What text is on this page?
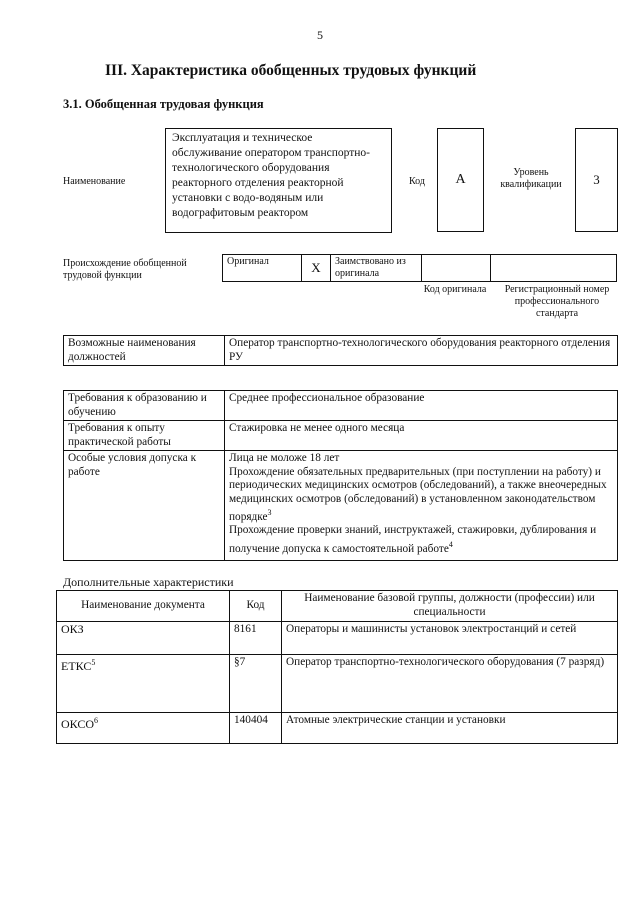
5
III. Характеристика обобщенных трудовых функций
3.1. Обобщенная трудовая функция
Наименование
Эксплуатация и техническое обслуживание оператором транспортно-технологического оборудования реакторного отделения реакторной установки с водо-водяным или водографитовым реактором
Код	А	Уровень квалификации	3
Происхождение обобщенной трудовой функции
Оригинал	X	Заимствовано из оригинала		
Код оригинала	Регистрационный номер профессионального стандарта
Возможные наименования должностей	Оператор транспортно-технологического оборудования реакторного отделения РУ
Требования к образованию и обучению	Среднее профессиональное образование
Требования к опыту практической работы	Стажировка не менее одного месяца
Особые условия допуска к работе	Лица не моложе 18 лет
Прохождение обязательных предварительных (при поступлении на работу) и периодических медицинских осмотров (обследований), а также внеочередных медицинских осмотров (обследований) в установленном законодательством порядке$^3$
Прохождение проверки знаний, инструктажей, стажировки, дублирования и получение допуска к самостоятельной работе$^4$
Дополнительные характеристики
Наименование документа	Код	Наименование базовой группы, должности (профессии) или специальности
ОКЗ	8161	Операторы и машинисты установок электростанций и сетей
ЕТКС$^5$	§7	Оператор транспортно-технологического оборудования (7 разряд)
ОКСО$^6$	140404	Атомные электрические станции и установки
